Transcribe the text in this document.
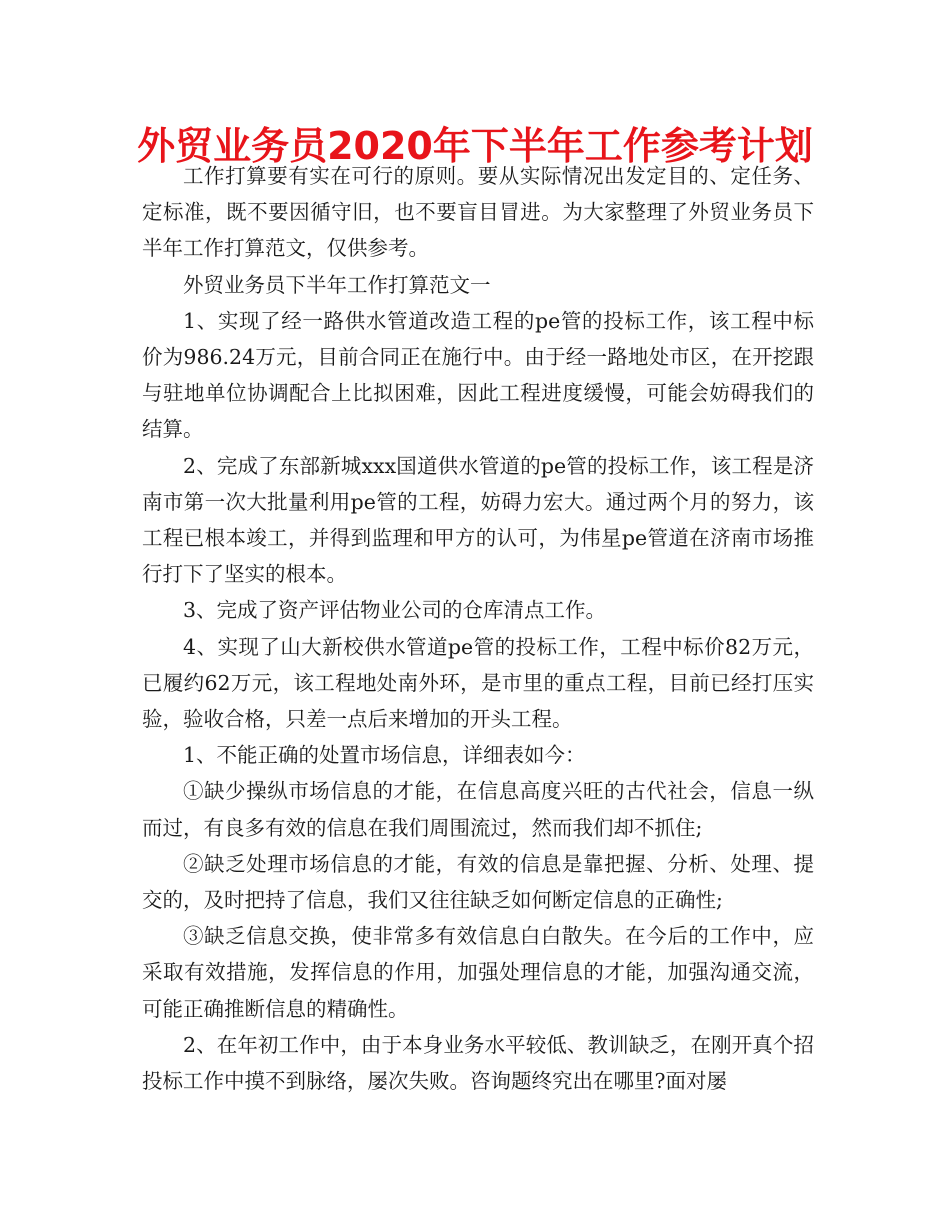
外贸业务员2020年下半年工作参考计划

工作打算要有实在可行的原则。要从实际情况出发定目的、定任务、定标准，既不要因循守旧，也不要盲目冒进。为大家整理了外贸业务员下半年工作打算范文，仅供参考。

外贸业务员下半年工作打算范文一

1、实现了经一路供水管道改造工程的pe管的投标工作，该工程中标价为986.24万元，目前合同正在施行中。由于经一路地处市区，在开挖跟与驻地单位协调配合上比拟困难，因此工程进度缓慢，可能会妨碍我们的结算。

2、完成了东部新城xxx国道供水管道的pe管的投标工作，该工程是济南市第一次大批量利用pe管的工程，妨碍力宏大。通过两个月的努力，该工程已根本竣工，并得到监理和甲方的认可，为伟星pe管道在济南市场推行打下了坚实的根本。

3、完成了资产评估物业公司的仓库清点工作。

4、实现了山大新校供水管道pe管的投标工作，工程中标价82万元，已履约62万元，该工程地处南外环，是市里的重点工程，目前已经打压实验，验收合格，只差一点后来增加的开头工程。

1、不能正确的处置市场信息，详细表如今：

①缺少操纵市场信息的才能，在信息高度兴旺的古代社会，信息一纵而过，有良多有效的信息在我们周围流过，然而我们却不抓住;

②缺乏处理市场信息的才能，有效的信息是靠把握、分析、处理、提交的，及时把持了信息，我们又往往缺乏如何断定信息的正确性;

③缺乏信息交换，使非常多有效信息白白散失。在今后的工作中，应采取有效措施，发挥信息的作用，加强处理信息的才能，加强沟通交流，可能正确推断信息的精确性。

2、在年初工作中，由于本身业务水平较低、教训缺乏，在刚开真个招投标工作中摸不到脉络，屡次失败。咨询题终究出在哪里?面对屡
